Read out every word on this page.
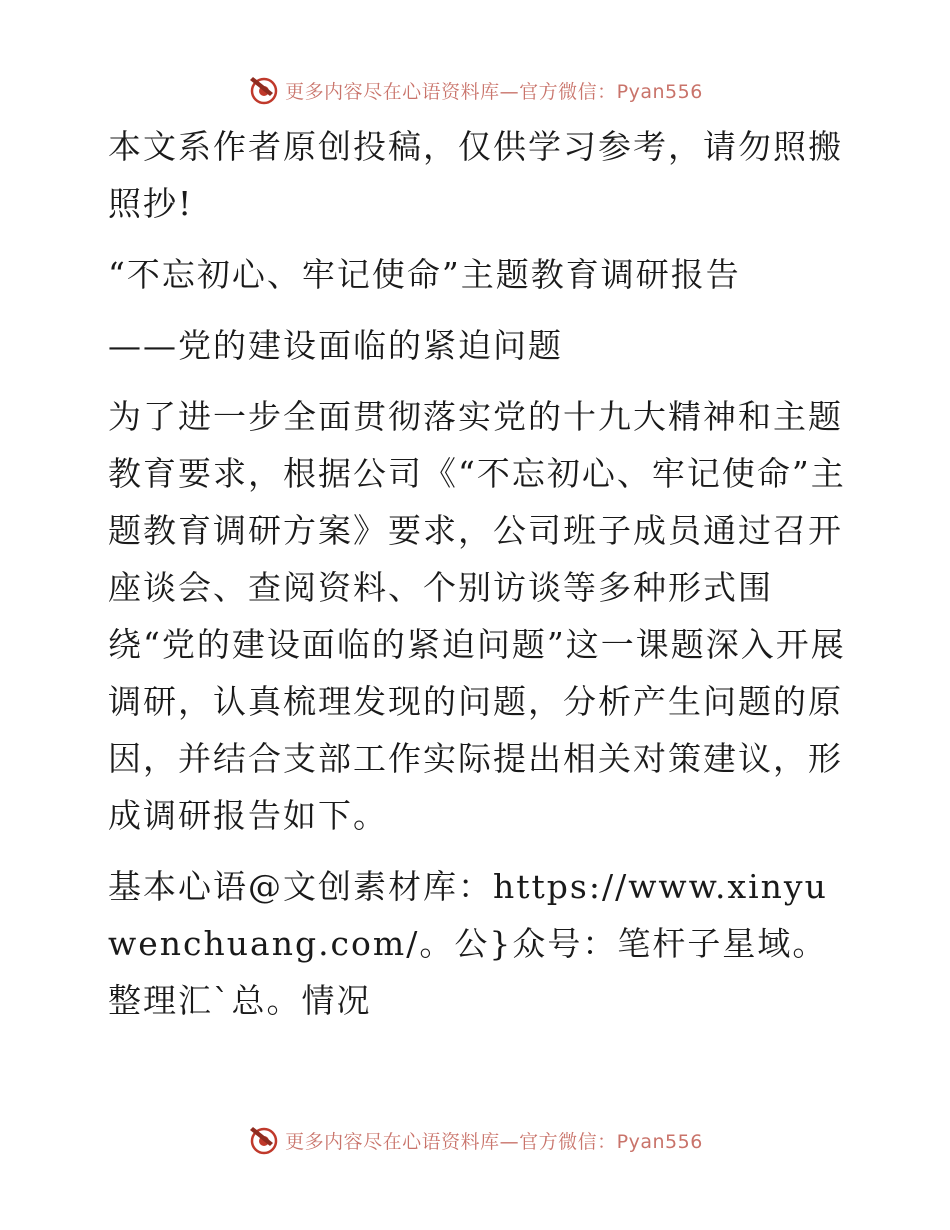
更多内容尽在心语资料库—官方微信：Pyan556

本文系作者原创投稿，仅供学习参考，请勿照搬照抄!

“不忘初心、牢记使命”主题教育调研报告

——党的建设面临的紧迫问题

为了进一步全面贯彻落实党的十九大精神和主题教育要求，根据公司《“不忘初心、牢记使命”主题教育调研方案》要求，公司班子成员通过召开座谈会、查阅资料、个别访谈等多种形式围绕“党的建设面临的紧迫问题”这一课题深入开展调研，认真梳理发现的问题，分析产生问题的原因，并结合支部工作实际提出相关对策建议，形成调研报告如下。

基本心语@文创素材库：https://www.xinyuwenchuang.com/。公}众号：笔杆子星域。整理汇`总。情况

更多内容尽在心语资料库—官方微信：Pyan556
